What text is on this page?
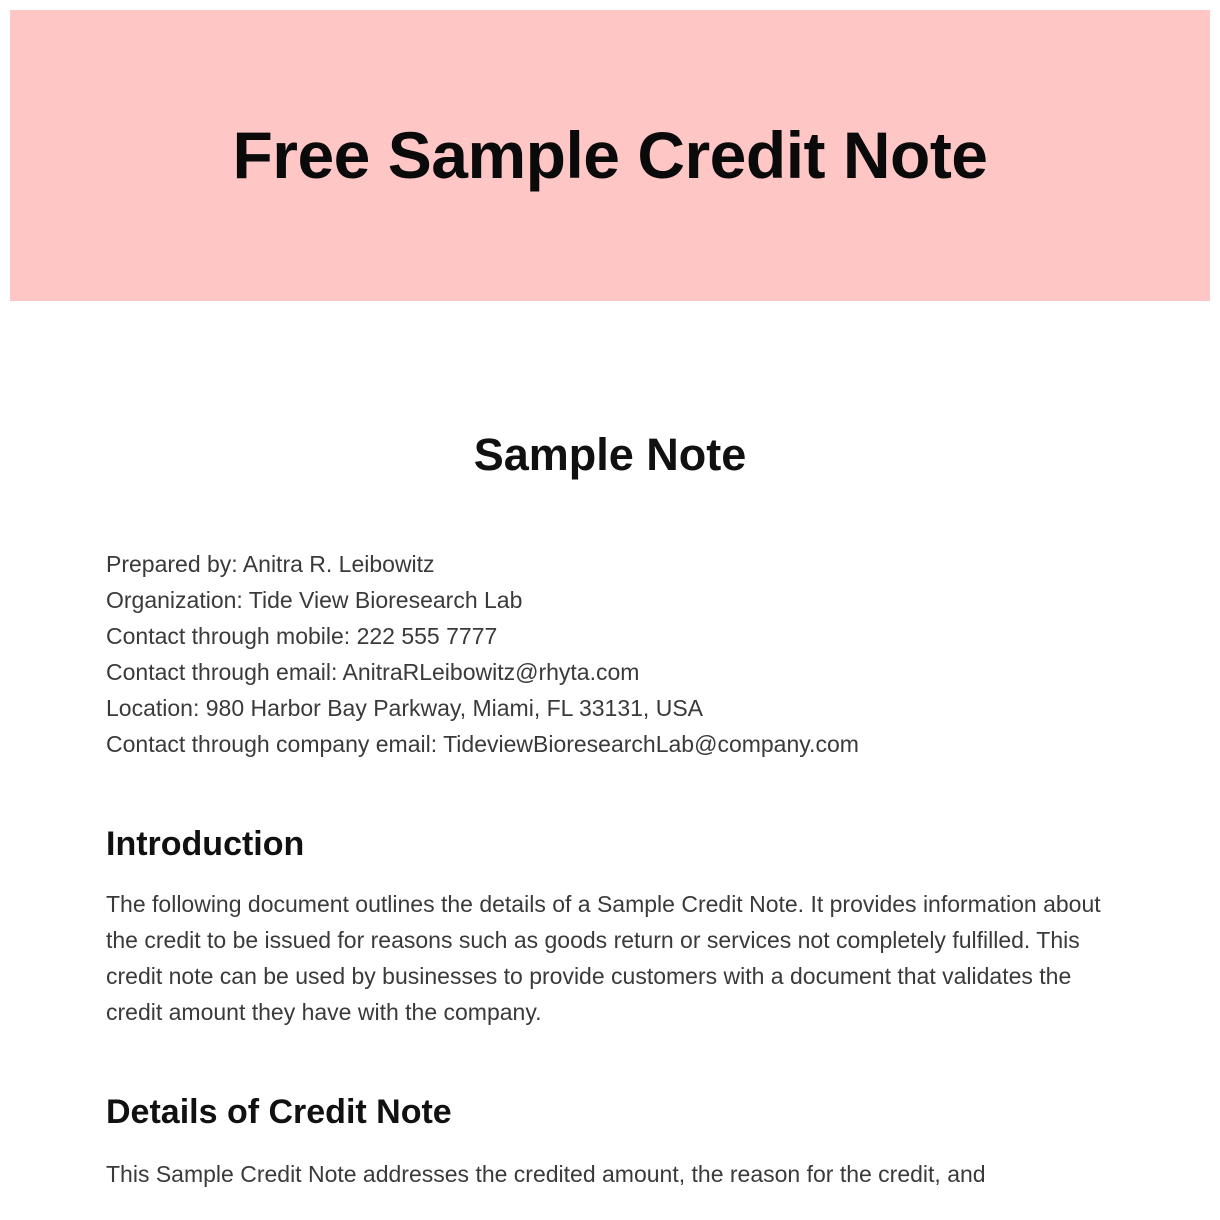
Free Sample Credit Note
Sample Note
Prepared by: Anitra R. Leibowitz
Organization: Tide View Bioresearch Lab
Contact through mobile: 222 555 7777
Contact through email: AnitraRLeibowitz@rhyta.com
Location: 980 Harbor Bay Parkway, Miami, FL 33131, USA
Contact through company email: TideviewBioresearchLab@company.com
Introduction

The following document outlines the details of a Sample Credit Note. It provides information about the credit to be issued for reasons such as goods return or services not completely fulfilled. This credit note can be used by businesses to provide customers with a document that validates the credit amount they have with the company.

Details of Credit Note

This Sample Credit Note addresses the credited amount, the reason for the credit, and
